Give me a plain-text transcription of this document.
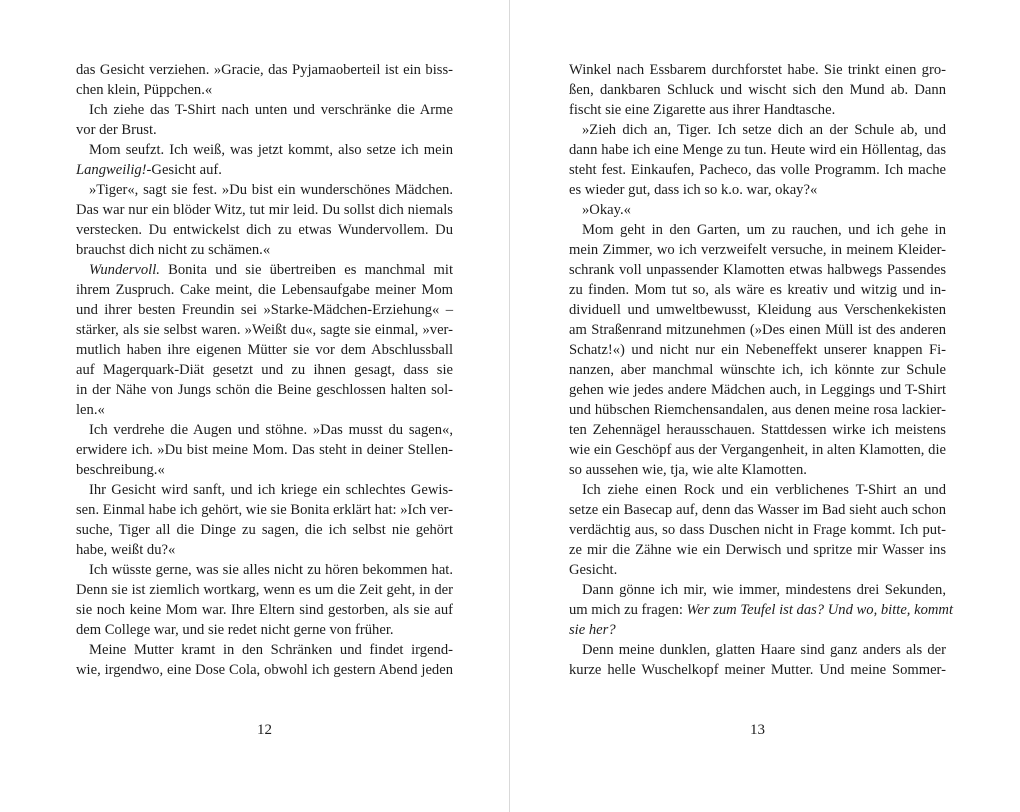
das Gesicht verziehen. »Gracie, das Pyjamaoberteil ist ein biss-
chen klein, Püppchen.«
Ich ziehe das T-Shirt nach unten und verschränke die Arme
vor der Brust.
Mom seufzt. Ich weiß, was jetzt kommt, also setze ich mein
Langweilig!-Gesicht auf.
»Tiger«, sagt sie fest. »Du bist ein wunderschönes Mädchen.
Das war nur ein blöder Witz, tut mir leid. Du sollst dich niemals
verstecken. Du entwickelst dich zu etwas Wundervollem. Du
brauchst dich nicht zu schämen.«
Wundervoll. Bonita und sie übertreiben es manchmal mit
ihrem Zuspruch. Cake meint, die Lebensaufgabe meiner Mom
und ihrer besten Freundin sei »Starke-Mädchen-Erziehung« –
stärker, als sie selbst waren. »Weißt du«, sagte sie einmal, »ver-
mutlich haben ihre eigenen Mütter sie vor dem Abschlussball
auf Magerquark-Diät gesetzt und zu ihnen gesagt, dass sie
in der Nähe von Jungs schön die Beine geschlossen halten sol-
len.«
Ich verdrehe die Augen und stöhne. »Das musst du sagen«,
erwidere ich. »Du bist meine Mom. Das steht in deiner Stellen-
beschreibung.«
Ihr Gesicht wird sanft, und ich kriege ein schlechtes Gewis-
sen. Einmal habe ich gehört, wie sie Bonita erklärt hat: »Ich ver-
suche, Tiger all die Dinge zu sagen, die ich selbst nie gehört
habe, weißt du?«
Ich wüsste gerne, was sie alles nicht zu hören bekommen hat.
Denn sie ist ziemlich wortkarg, wenn es um die Zeit geht, in der
sie noch keine Mom war. Ihre Eltern sind gestorben, als sie auf
dem College war, und sie redet nicht gerne von früher.
Meine Mutter kramt in den Schränken und findet irgend-
wie, irgendwo, eine Dose Cola, obwohl ich gestern Abend jeden
12
Winkel nach Essbarem durchforstet habe. Sie trinkt einen gro-
ßen, dankbaren Schluck und wischt sich den Mund ab. Dann
fischt sie eine Zigarette aus ihrer Handtasche.
»Zieh dich an, Tiger. Ich setze dich an der Schule ab, und
dann habe ich eine Menge zu tun. Heute wird ein Höllentag, das
steht fest. Einkaufen, Pacheco, das volle Programm. Ich mache
es wieder gut, dass ich so k.o. war, okay?«
»Okay.«
Mom geht in den Garten, um zu rauchen, und ich gehe in
mein Zimmer, wo ich verzweifelt versuche, in meinem Kleider-
schrank voll unpassender Klamotten etwas halbwegs Passendes
zu finden. Mom tut so, als wäre es kreativ und witzig und in-
dividuell und umweltbewusst, Kleidung aus Verschenkekisten
am Straßenrand mitzunehmen (»Des einen Müll ist des anderen
Schatz!«) und nicht nur ein Nebeneffekt unserer knappen Fi-
nanzen, aber manchmal wünschte ich, ich könnte zur Schule
gehen wie jedes andere Mädchen auch, in Leggings und T-Shirt
und hübschen Riemchensandalen, aus denen meine rosa lackier-
ten Zehennägel herausschauen. Stattdessen wirke ich meistens
wie ein Geschöpf aus der Vergangenheit, in alten Klamotten, die
so aussehen wie, tja, wie alte Klamotten.
Ich ziehe einen Rock und ein verblichenes T-Shirt an und
setze ein Basecap auf, denn das Wasser im Bad sieht auch schon
verdächtig aus, so dass Duschen nicht in Frage kommt. Ich put-
ze mir die Zähne wie ein Derwisch und spritze mir Wasser ins
Gesicht.
Dann gönne ich mir, wie immer, mindestens drei Sekunden,
um mich zu fragen: Wer zum Teufel ist das? Und wo, bitte, kommt
sie her?
Denn meine dunklen, glatten Haare sind ganz anders als der
kurze helle Wuschelkopf meiner Mutter. Und meine Sommer-
13
